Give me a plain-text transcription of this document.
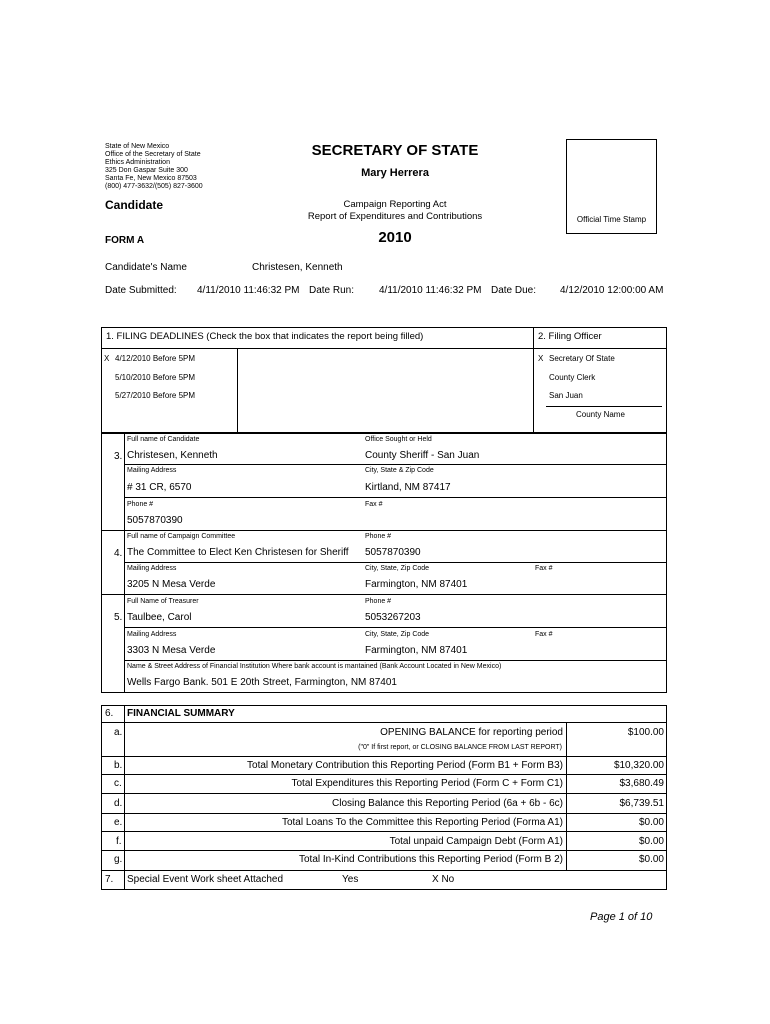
State of New Mexico
Office of the Secretary of State
Ethics Administration
325 Don Gaspar Suite 300
Santa Fe, New Mexico 87503
(800) 477-3632/(505) 827-3600
SECRETARY OF STATE
Mary Herrera
Campaign Reporting Act
Report of Expenditures and Contributions
2010
Candidate
FORM A
Official Time Stamp
Candidate's Name	Christesen, Kenneth
Date Submitted: 4/11/2010 11:46:32 PM Date Run: 4/11/2010 11:46:32 PM Date Due: 4/12/2010 12:00:00 AM
1. FILING DEADLINES (Check the box that indicates the report being filled)	2. Filing Officer
X 4/12/2010 Before 5PM
5/10/2010 Before 5PM
5/27/2010 Before 5PM
X Secretary Of State
County Clerk
San Juan
County Name
3.
Full name of Candidate
Christesen, Kenneth
Office Sought or Held
County Sheriff - San Juan
Mailing Address
# 31 CR, 6570
City, State & Zip Code
Kirtland, NM 87417
Phone #
5057870390
Fax #
4.
Full name of Campaign Committee
The Committee to Elect Ken Christesen for Sheriff
Phone #
5057870390
Mailing Address
3205 N Mesa Verde
City, State, Zip Code
Farmington, NM 87401
Fax #
5.
Full Name of Treasurer
Taulbee, Carol
Phone #
5053267203
Mailing Address
3303 N Mesa Verde
City, State, Zip Code
Farmington, NM 87401
Fax #
Name & Street Address of Financial Institution Where bank account is mantained (Bank Account Located in New Mexico)
Wells Fargo Bank. 501 E 20th Street, Farmington, NM 87401
6. FINANCIAL SUMMARY
a.	OPENING BALANCE for reporting period	$100.00
("0" If first report, or CLOSING BALANCE FROM LAST REPORT)
b.	Total Monetary Contribution this Reporting Period (Form B1 + Form B3)	$10,320.00
c.	Total Expenditures this Reporting Period (Form C + Form C1)	$3,680.49
d.	Closing Balance this Reporting Period (6a + 6b - 6c)	$6,739.51
e.	Total Loans To the Committee this Reporting Period (Forma A1)	$0.00
f.	Total unpaid Campaign Debt (Form A1)	$0.00
g.	Total In-Kind Contributions this Reporting Period (Form B 2)	$0.00
7. Special Event Work sheet Attached	Yes	X No
Page 1 of 10
